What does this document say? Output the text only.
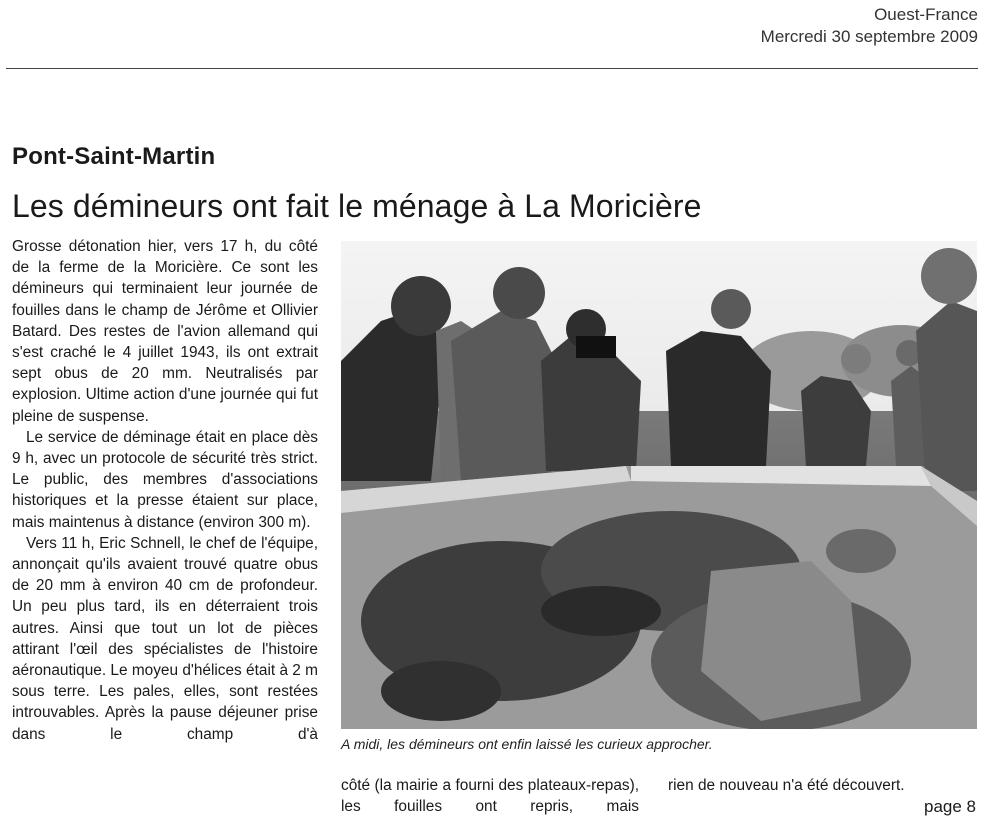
Ouest-France
Mercredi 30 septembre 2009
Pont-Saint-Martin
Les démineurs ont fait le ménage à La Moricière

Grosse détonation hier, vers 17 h, du côté de la ferme de la Moricière. Ce sont les démineurs qui terminaient leur journée de fouilles dans le champ de Jérôme et Ollivier Batard. Des restes de l'avion allemand qui s'est craché le 4 juillet 1943, ils ont extrait sept obus de 20 mm. Neutralisés par explosion. Ultime action d'une journée qui fut pleine de suspense.

Le service de déminage était en place dès 9 h, avec un protocole de sécurité très strict. Le public, des membres d'associations historiques et la presse étaient sur place, mais maintenus à distance (environ 300 m).

Vers 11 h, Eric Schnell, le chef de l'équipe, annonçait qu'ils avaient trouvé quatre obus de 20 mm à environ 40 cm de profondeur. Un peu plus tard, ils en déterraient trois autres. Ainsi que tout un lot de pièces attirant l'œil des spécialistes de l'histoire aéronautique. Le moyeu d'hélices était à 2 m sous terre. Les pales, elles, sont restées introuvables. Après la pause déjeuner prise dans le champ d'à

A midi, les démineurs ont enfin laissé les curieux approcher.
côté (la mairie a fourni des plateaux-repas), les fouilles ont repris, mais
rien de nouveau n'a été découvert.
page 8
